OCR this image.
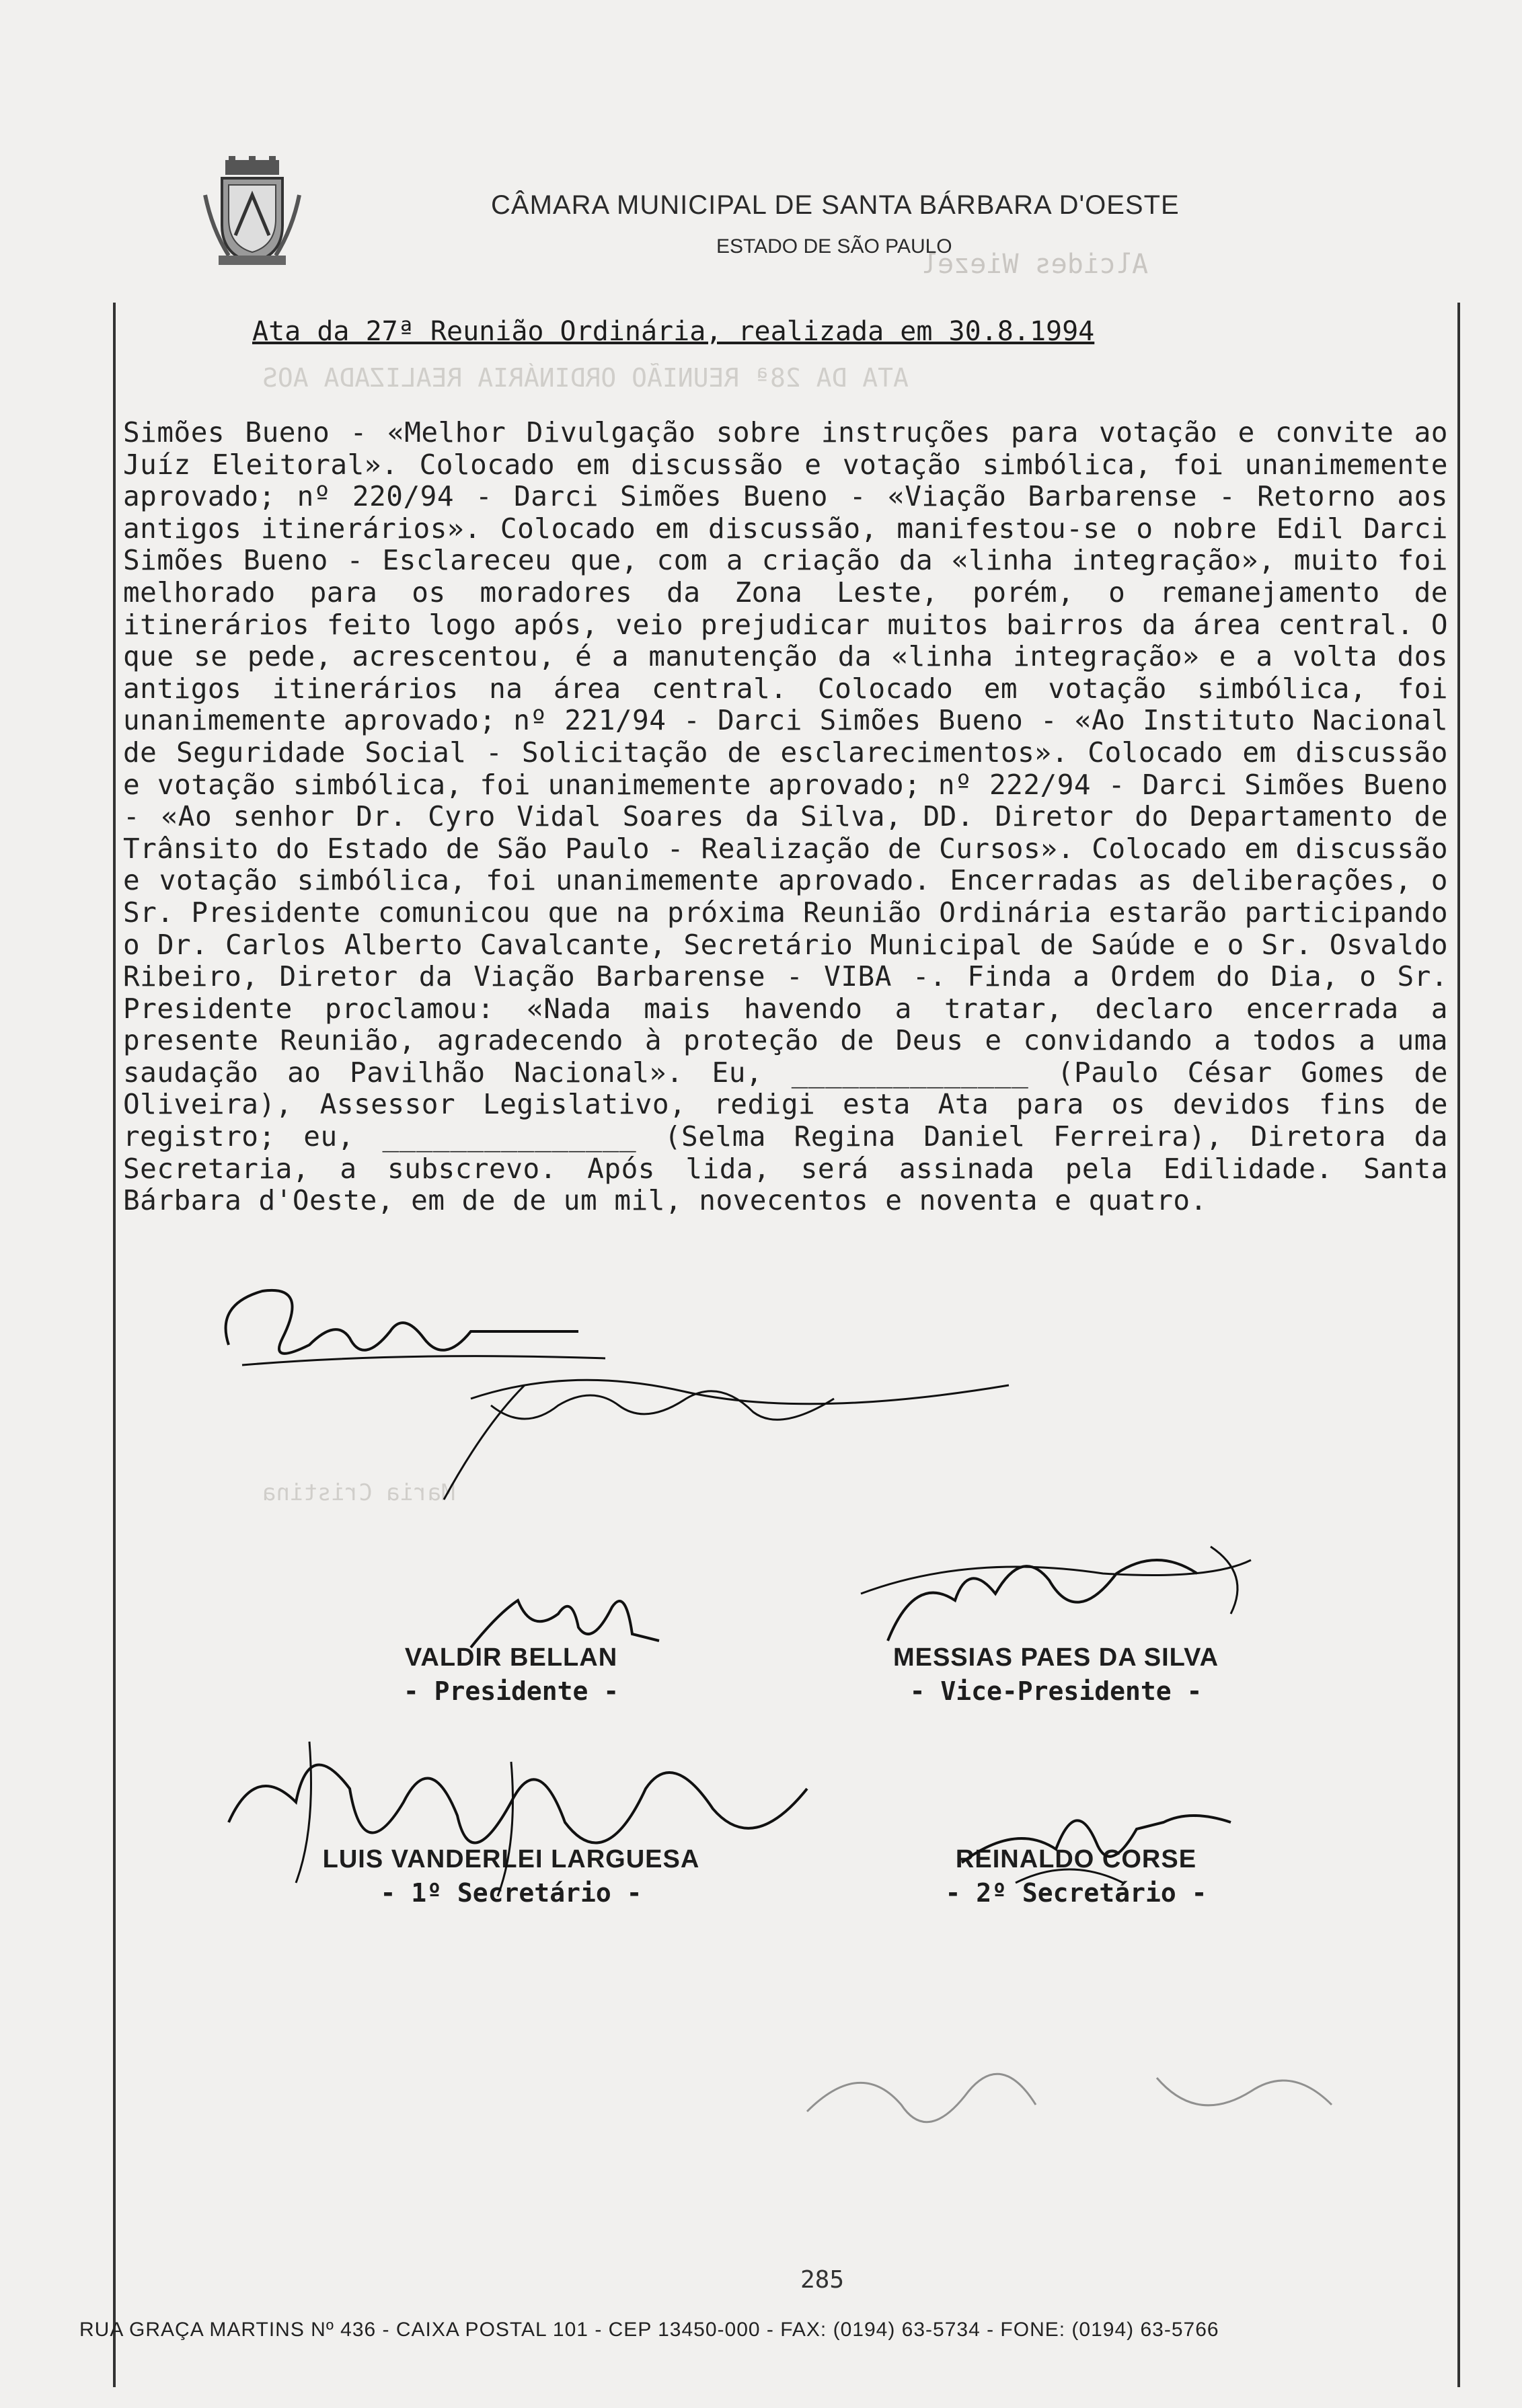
Alcides Wiezel
ATA DA 28ª REUNIÃO ORDINÁRIA REALIZADA AOS
Maria Cristina
CÂMARA MUNICIPAL DE SANTA BÁRBARA D'OESTE
ESTADO DE SÃO PAULO
Ata da 27ª Reunião Ordinária, realizada em 30.8.1994
Simões Bueno - «Melhor Divulgação sobre instruções para votação e convite ao Juíz Eleitoral». Colocado em discussão e votação simbólica, foi unanimemente aprovado; nº 220/94 - Darci Simões Bueno - «Viação Barbarense - Retorno aos antigos itinerários». Colocado em discussão, manifestou-se o nobre Edil Darci Simões Bueno - Esclareceu que, com a criação da «linha integração», muito foi melhorado para os moradores da Zona Leste, porém, o remanejamento de itinerários feito logo após, veio prejudicar muitos bairros da área central. O que se pede, acrescentou, é a manutenção da «linha integração» e a volta dos antigos itinerários na área central. Colocado em votação simbólica, foi unanimemente aprovado; nº 221/94 - Darci Simões Bueno - «Ao Instituto Nacional de Seguridade Social - Solicitação de esclarecimentos». Colocado em discussão e votação simbólica, foi unanimemente aprovado; nº 222/94 - Darci Simões Bueno - «Ao senhor Dr. Cyro Vidal Soares da Silva, DD. Diretor do Departamento de Trânsito do Estado de São Paulo - Realização de Cursos». Colocado em discussão e votação simbólica, foi unanimemente aprovado. Encerradas as deliberações, o Sr. Presidente comunicou que na próxima Reunião Ordinária estarão participando o Dr. Carlos Alberto Cavalcante, Secretário Municipal de Saúde e o Sr. Osvaldo Ribeiro, Diretor da Viação Barbarense - VIBA -. Finda a Ordem do Dia, o Sr. Presidente proclamou: «Nada mais havendo a tratar, declaro encerrada a presente Reunião, agradecendo à proteção de Deus e convidando a todos a uma saudação ao Pavilhão Nacional». Eu, ______________ (Paulo César Gomes de Oliveira), Assessor Legislativo, redigi esta Ata para os devidos fins de registro; eu, _______________ (Selma Regina Daniel Ferreira), Diretora da Secretaria, a subscrevo. Após lida, será assinada pela Edilidade. Santa Bárbara d'Oeste, em de de um mil, novecentos e noventa e quatro.
VALDIR BELLAN
- Presidente -
MESSIAS PAES DA SILVA
- Vice-Presidente -
LUIS VANDERLEI LARGUESA
- 1º Secretário -
REINALDO CORSE
- 2º Secretário -
285
RUA GRAÇA MARTINS Nº 436 - CAIXA POSTAL 101 - CEP 13450-000 - FAX: (0194) 63-5734 - FONE: (0194) 63-5766
